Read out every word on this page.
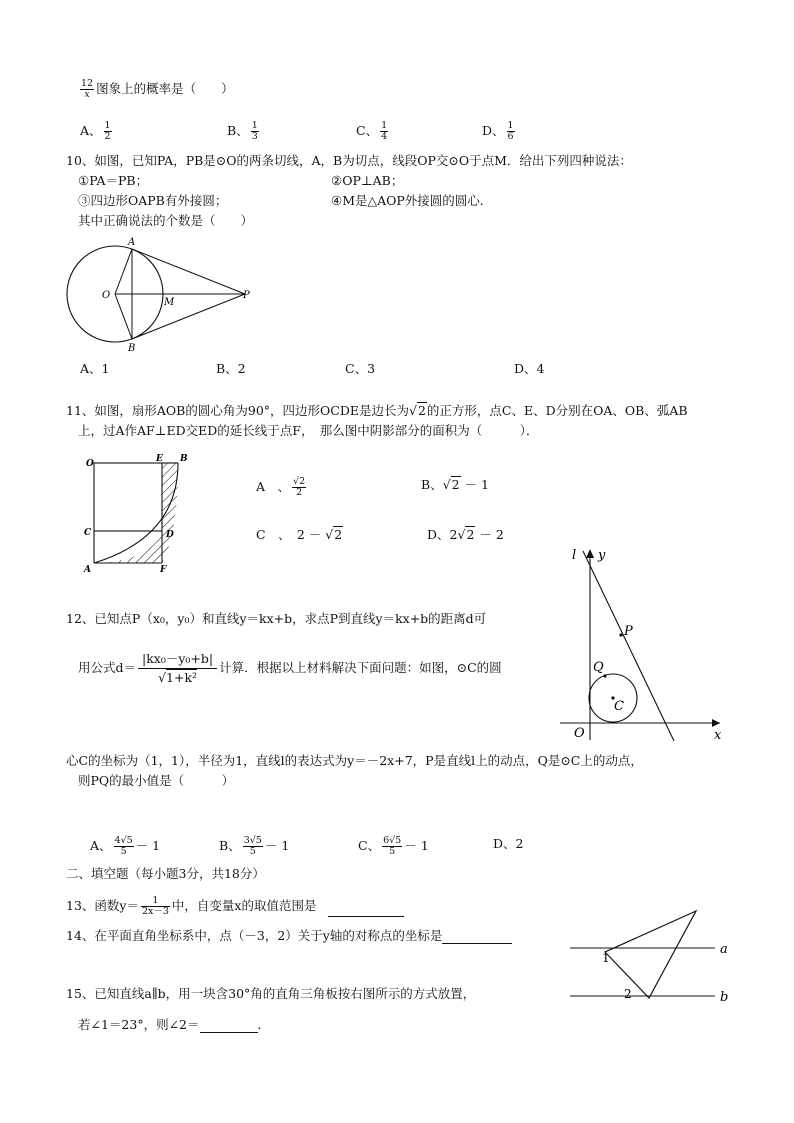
$\frac{12}{x}$ 图象上的概率是（　　）
A、 $\frac{1}{2}$	B、 $\frac{1}{3}$	C、 $\frac{1}{4}$	D、 $\frac{1}{6}$
10、如图，已知PA，PB是⊙O的两条切线，A，B为切点，线段OP交⊙O于点M．给出下列四种说法：
①PA＝PB；	②OP⊥AB；
③四边形OAPB有外接圆；	④M是△AOP外接圆的圆心．
其中正确说法的个数是（　　）
A
B
O
M
P
A、1	B、2	C、3	D、4
11、如图，扇形AOB的圆心角为90°，四边形OCDE是边长为√2的正方形，点C、E、D分别在OA、OB、弧AB
上，过A作AF⊥ED交ED的延长线于点F，　那么图中阴影部分的面积为（　　　）．
O	E B
C	D
A	F
A　、 $\frac{√2}{2}$	B、√2 － 1
C　、　2 － √2	D、2√2 － 2
12、已知点P（x₀，y₀）和直线y＝kx+b，求点P到直线y＝kx+b的距离d可
用公式$d= \frac{\text{|kx₀－y₀+b|}}{\text{√1+k²}}$ 计算．根据以上材料解决下面问题：如图，⊙C的圆
l y
P
Q
C
O	x
心C的坐标为（1，1），半径为1，直线l的表达式为y＝－2x+7，P是直线l上的动点，Q是⊙C上的动点，
则PQ的最小值是（　　　）
A、 $\frac{4√5}{5} - 1$	B、 $\frac{3√5}{5} - 1$	C、 $\frac{6√5}{5} - 1$	D、2
二、填空题（每小题3分，共18分）
13、函数$y= \frac{1}{2x-3}$ 中，自变量x的取值范围是
14、在平面直角坐标系中，点（－3，2）关于y轴的对称点的坐标是
15、已知直线a∥b，用一块含30°角的直角三角板按右图所示的方式放置，
若∠1＝23°，则∠2＝	．
1
2
a
b
